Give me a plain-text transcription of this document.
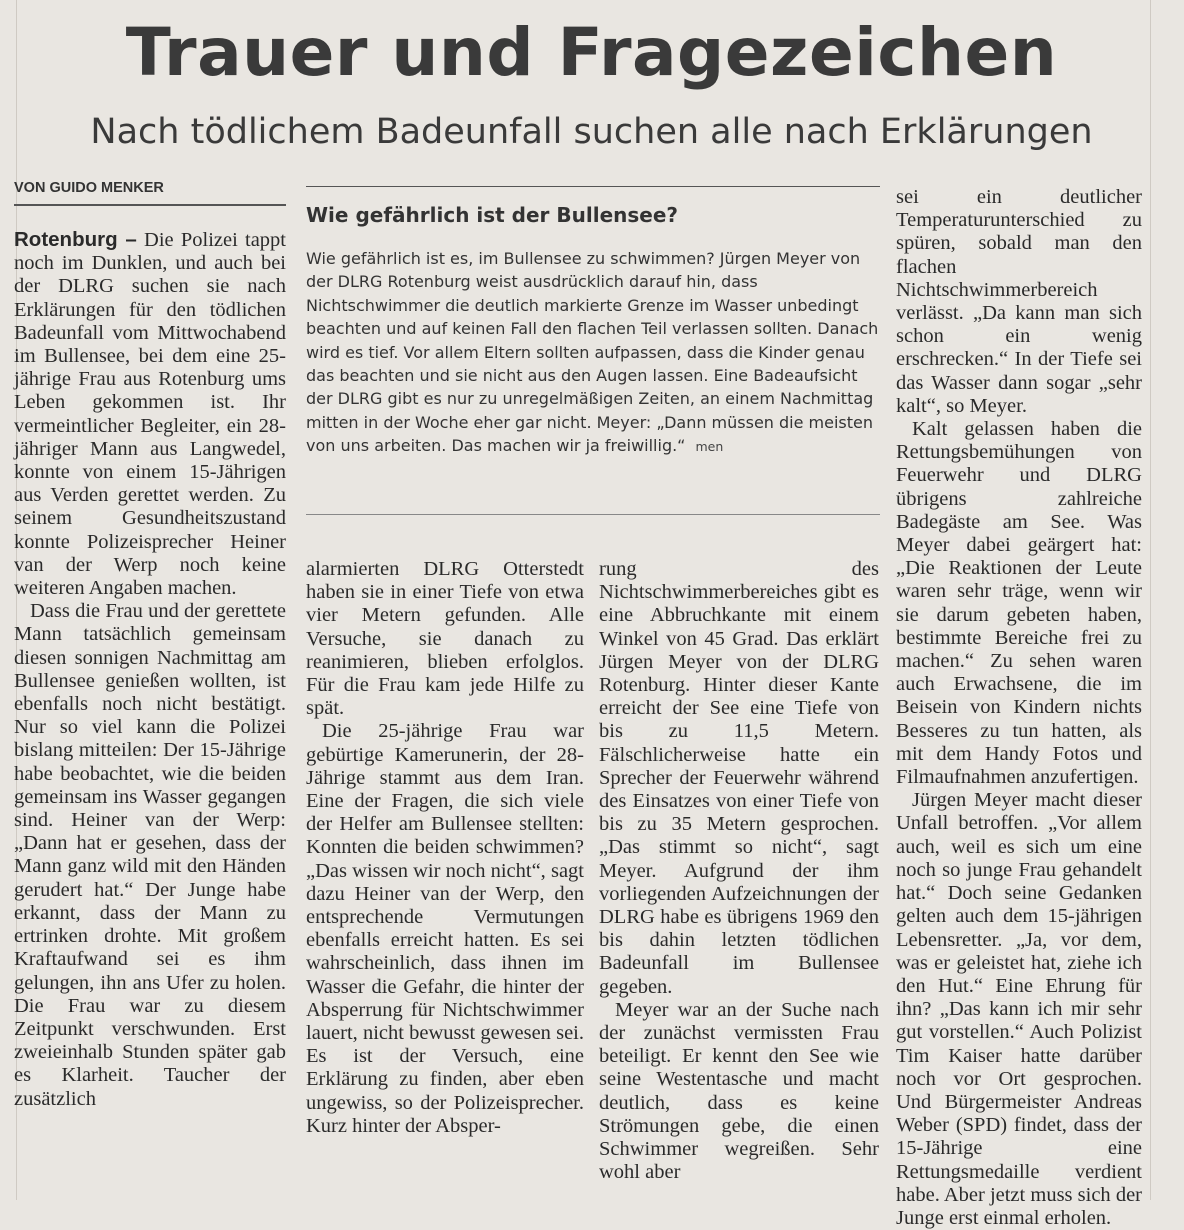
Trauer und Fragezeichen
Nach tödlichem Badeunfall suchen alle nach Erklärungen
VON GUIDO MENKER

Rotenburg – Die Polizei tappt noch im Dunklen, und auch bei der DLRG suchen sie nach Erklärungen für den tödlichen Badeunfall vom Mittwochabend im Bullensee, bei dem eine 25-jährige Frau aus Rotenburg ums Leben gekommen ist. Ihr vermeintlicher Begleiter, ein 28-jähriger Mann aus Langwedel, konnte von einem 15-Jährigen aus Verden gerettet werden. Zu seinem Gesundheitszustand konnte Polizeisprecher Heiner van der Werp noch keine weiteren Angaben machen.

Dass die Frau und der gerettete Mann tatsächlich gemeinsam diesen sonnigen Nachmittag am Bullensee genießen wollten, ist ebenfalls noch nicht bestätigt. Nur so viel kann die Polizei bislang mitteilen: Der 15-Jährige habe beobachtet, wie die beiden gemeinsam ins Wasser gegangen sind. Heiner van der Werp: „Dann hat er gesehen, dass der Mann ganz wild mit den Händen gerudert hat.“ Der Junge habe erkannt, dass der Mann zu ertrinken drohte. Mit großem Kraftaufwand sei es ihm gelungen, ihn ans Ufer zu holen. Die Frau war zu diesem Zeitpunkt verschwunden. Erst zweieinhalb Stunden später gab es Klarheit. Taucher der zusätzlich

Wie gefährlich ist der Bullensee?

Wie gefährlich ist es, im Bullensee zu schwimmen? Jürgen Meyer von der DLRG Rotenburg weist ausdrücklich darauf hin, dass Nichtschwimmer die deutlich markierte Grenze im Wasser unbedingt beachten und auf keinen Fall den flachen Teil verlassen sollten. Danach wird es tief. Vor allem Eltern sollten aufpassen, dass die Kinder genau das beachten und sie nicht aus den Augen lassen. Eine Badeaufsicht der DLRG gibt es nur zu unregelmäßigen Zeiten, an einem Nachmittag mitten in der Woche eher gar nicht. Meyer: „Dann müssen die meisten von uns arbeiten. Das machen wir ja freiwillig.“ men

alarmierten DLRG Otterstedt haben sie in einer Tiefe von etwa vier Metern gefunden. Alle Versuche, sie danach zu reanimieren, blieben erfolglos. Für die Frau kam jede Hilfe zu spät.

Die 25-jährige Frau war gebürtige Kamerunerin, der 28-Jährige stammt aus dem Iran. Eine der Fragen, die sich viele der Helfer am Bullensee stellten: Konnten die beiden schwimmen? „Das wissen wir noch nicht“, sagt dazu Heiner van der Werp, den entsprechende Vermutungen ebenfalls erreicht hatten. Es sei wahrscheinlich, dass ihnen im Wasser die Gefahr, die hinter der Absperrung für Nichtschwimmer lauert, nicht bewusst gewesen sei. Es ist der Versuch, eine Erklärung zu finden, aber eben ungewiss, so der Polizeisprecher. Kurz hinter der Absper-

rung des Nichtschwimmerbereiches gibt es eine Abbruchkante mit einem Winkel von 45 Grad. Das erklärt Jürgen Meyer von der DLRG Rotenburg. Hinter dieser Kante erreicht der See eine Tiefe von bis zu 11,5 Metern. Fälschlicherweise hatte ein Sprecher der Feuerwehr während des Einsatzes von einer Tiefe von bis zu 35 Metern gesprochen. „Das stimmt so nicht“, sagt Meyer. Aufgrund der ihm vorliegenden Aufzeichnungen der DLRG habe es übrigens 1969 den bis dahin letzten tödlichen Badeunfall im Bullensee gegeben.

Meyer war an der Suche nach der zunächst vermissten Frau beteiligt. Er kennt den See wie seine Westentasche und macht deutlich, dass es keine Strömungen gebe, die einen Schwimmer wegreißen. Sehr wohl aber

sei ein deutlicher Temperaturunterschied zu spüren, sobald man den flachen Nichtschwimmerbereich verlässt. „Da kann man sich schon ein wenig erschrecken.“ In der Tiefe sei das Wasser dann sogar „sehr kalt“, so Meyer.

Kalt gelassen haben die Rettungsbemühungen von Feuerwehr und DLRG übrigens zahlreiche Badegäste am See. Was Meyer dabei geärgert hat: „Die Reaktionen der Leute waren sehr träge, wenn wir sie darum gebeten haben, bestimmte Bereiche frei zu machen.“ Zu sehen waren auch Erwachsene, die im Beisein von Kindern nichts Besseres zu tun hatten, als mit dem Handy Fotos und Filmaufnahmen anzufertigen.

Jürgen Meyer macht dieser Unfall betroffen. „Vor allem auch, weil es sich um eine noch so junge Frau gehandelt hat.“ Doch seine Gedanken gelten auch dem 15-jährigen Lebensretter. „Ja, vor dem, was er geleistet hat, ziehe ich den Hut.“ Eine Ehrung für ihn? „Das kann ich mir sehr gut vorstellen.“ Auch Polizist Tim Kaiser hatte darüber noch vor Ort gesprochen. Und Bürgermeister Andreas Weber (SPD) findet, dass der 15-Jährige eine Rettungsmedaille verdient habe. Aber jetzt muss sich der Junge erst einmal erholen.
